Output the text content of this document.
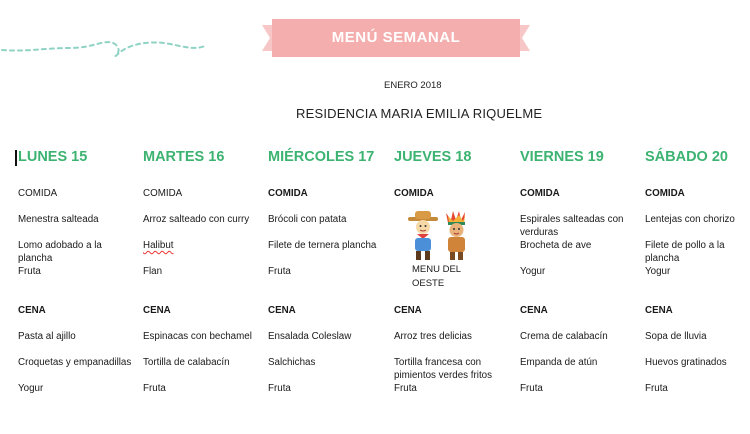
MENÚ SEMANAL
ENERO 2018
RESIDENCIA MARIA EMILIA RIQUELME
LUNES 15
COMIDA
Menestra salteada
Lomo adobado a la plancha
Fruta
CENA
Pasta al ajillo
Croquetas y empanadillas
Yogur
MARTES 16
COMIDA
Arroz salteado con curry
Halibut
Flan
CENA
Espinacas con bechamel
Tortilla de calabacín
Fruta
MIÉRCOLES 17
COMIDA
Brócoli con patata
Filete de ternera plancha
Fruta
CENA
Ensalada Coleslaw
Salchichas
Fruta
JUEVES 18
COMIDA
MENU DEL OESTE
CENA
Arroz tres delicias
Tortilla francesa con pimientos verdes fritos
Fruta
VIERNES 19
COMIDA
Espirales salteadas con verduras
Brocheta de ave
Yogur
CENA
Crema de calabacín
Empanda de atún
Fruta
SÁBADO 20
COMIDA
Lentejas con chorizo
Filete de pollo a la plancha
Yogur
CENA
Sopa de lluvia
Huevos gratinados
Fruta
